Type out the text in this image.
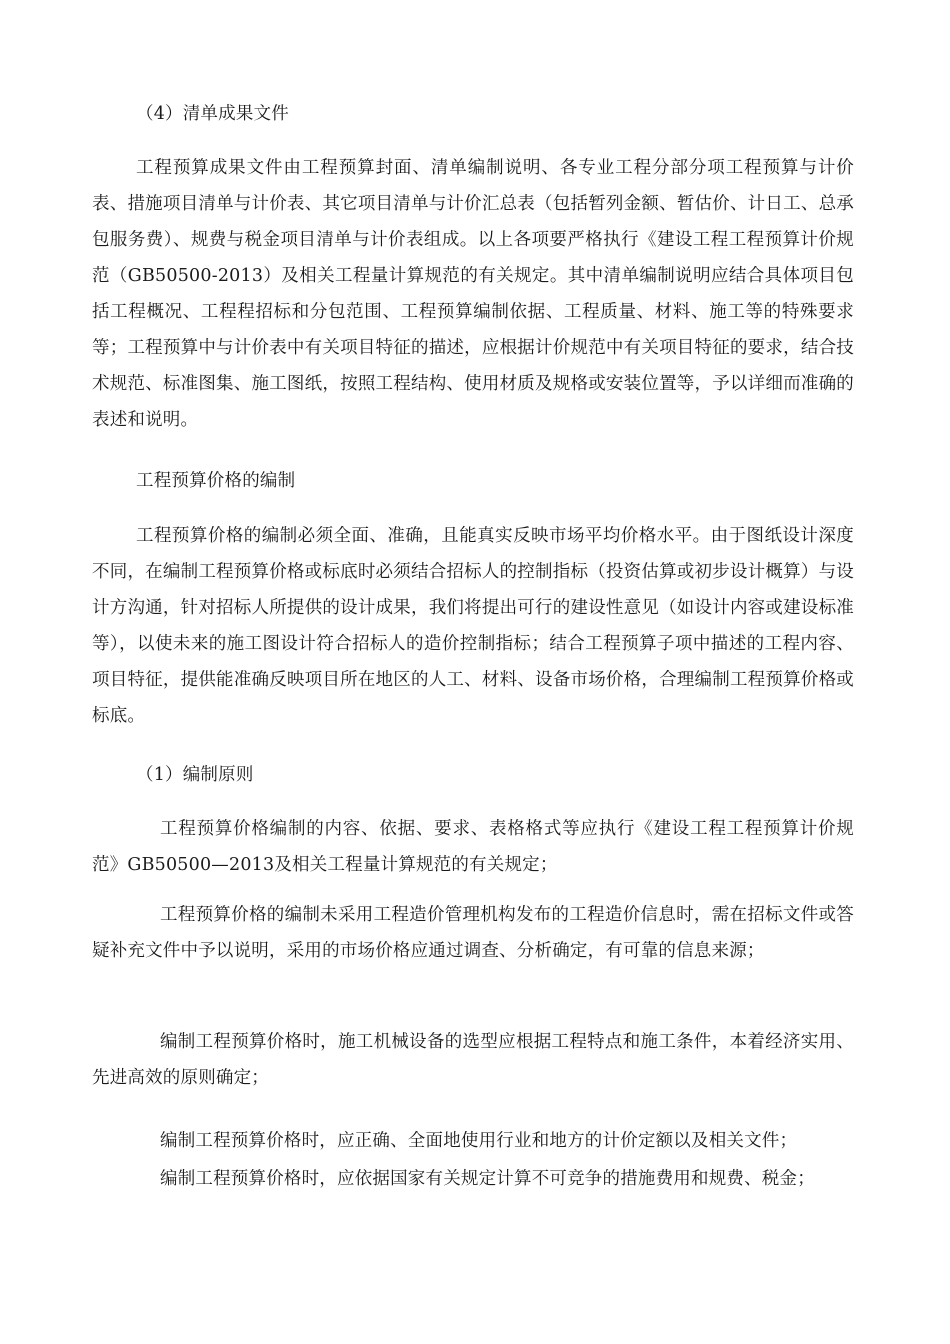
（4）清单成果文件

工程预算成果文件由工程预算封面、清单编制说明、各专业工程分部分项工程预算与计价表、措施项目清单与计价表、其它项目清单与计价汇总表（包括暂列金额、暂估价、计日工、总承包服务费）、规费与税金项目清单与计价表组成。以上各项要严格执行《建设工程工程预算计价规范（GB50500-2013）及相关工程量计算规范的有关规定。其中清单编制说明应结合具体项目包括工程概况、工程程招标和分包范围、工程预算编制依据、工程质量、材料、施工等的特殊要求等；工程预算中与计价表中有关项目特征的描述，应根据计价规范中有关项目特征的要求，结合技术规范、标准图集、施工图纸，按照工程结构、使用材质及规格或安装位置等，予以详细而准确的表述和说明。

工程预算价格的编制

工程预算价格的编制必须全面、准确，且能真实反映市场平均价格水平。由于图纸设计深度不同，在编制工程预算价格或标底时必须结合招标人的控制指标（投资估算或初步设计概算）与设计方沟通，针对招标人所提供的设计成果，我们将提出可行的建设性意见（如设计内容或建设标准等），以使未来的施工图设计符合招标人的造价控制指标；结合工程预算子项中描述的工程内容、项目特征，提供能准确反映项目所在地区的人工、材料、设备市场价格，合理编制工程预算价格或标底。

（1）编制原则

工程预算价格编制的内容、依据、要求、表格格式等应执行《建设工程工程预算计价规范》GB50500—2013及相关工程量计算规范的有关规定；

工程预算价格的编制未采用工程造价管理机构发布的工程造价信息时，需在招标文件或答疑补充文件中予以说明，采用的市场价格应通过调查、分析确定，有可靠的信息来源；

编制工程预算价格时，施工机械设备的选型应根据工程特点和施工条件，本着经济实用、先进高效的原则确定；

编制工程预算价格时，应正确、全面地使用行业和地方的计价定额以及相关文件；

编制工程预算价格时，应依据国家有关规定计算不可竞争的措施费用和规费、税金；
